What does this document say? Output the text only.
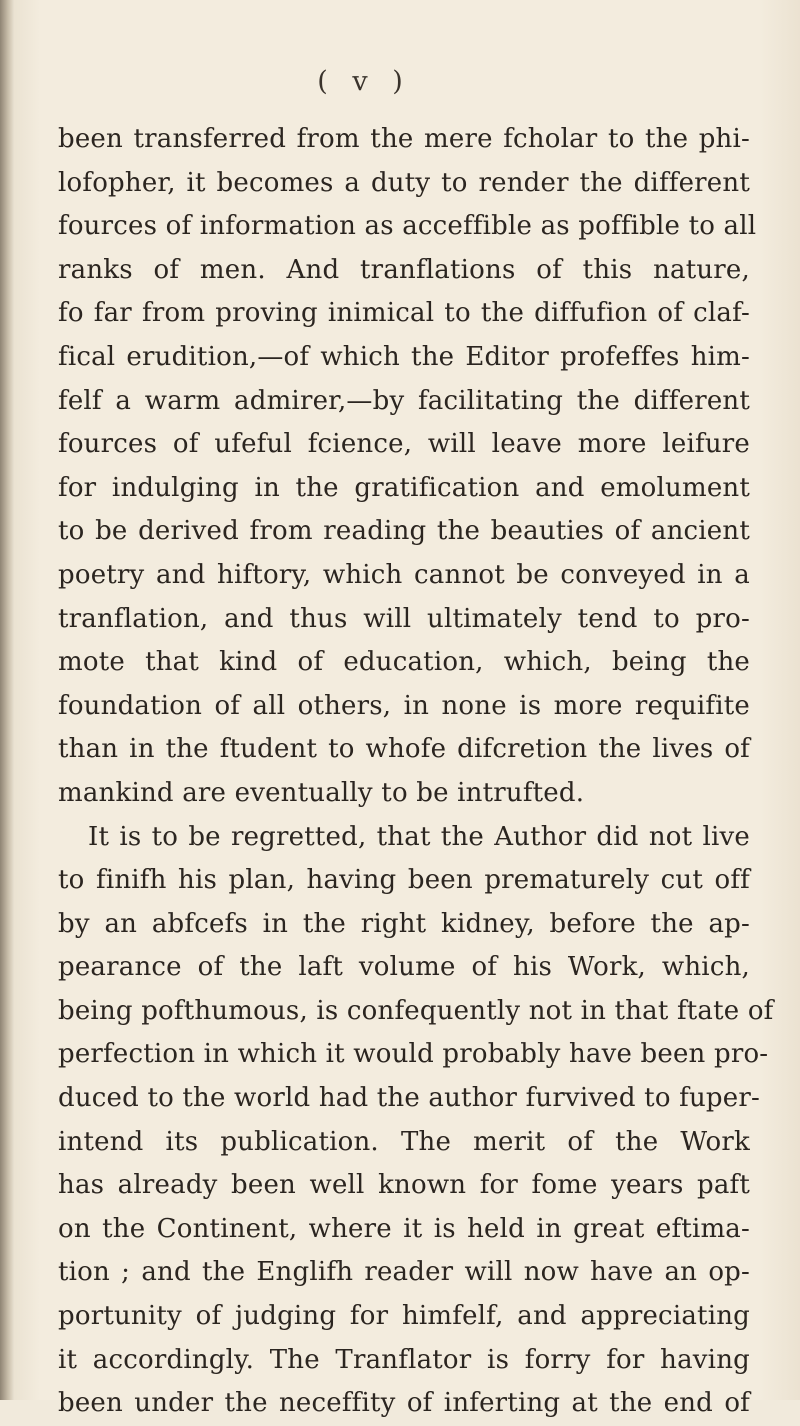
( v )
been transferred from the mere fcholar to the phi-
lofopher, it becomes a duty to render the different
fources of information as acceffible as poffible to all
ranks of men. And tranflations of this nature,
fo far from proving inimical to the diffufion of claf-
fical erudition,—of which the Editor profeffes him-
felf a warm admirer,—by facilitating the different
fources of ufeful fcience, will leave more leifure
for indulging in the gratification and emolument
to be derived from reading the beauties of ancient
poetry and hiftory, which cannot be conveyed in a
tranflation, and thus will ultimately tend to pro-
mote that kind of education, which, being the
foundation of all others, in none is more requifite
than in the ftudent to whofe difcretion the lives of
mankind are eventually to be intrufted.
It is to be regretted, that the Author did not live
to finifh his plan, having been prematurely cut off
by an abfcefs in the right kidney, before the ap-
pearance of the laft volume of his Work, which,
being pofthumous, is confequently not in that ftate of
perfection in which it would probably have been pro-
duced to the world had the author furvived to fuper-
intend its publication. The merit of the Work
has already been well known for fome years paft
on the Continent, where it is held in great eftima-
tion ; and the Englifh reader will now have an op-
portunity of judging for himfelf, and appreciating
it accordingly. The Tranflator is forry for having
been under the neceffity of inferting at the end of
